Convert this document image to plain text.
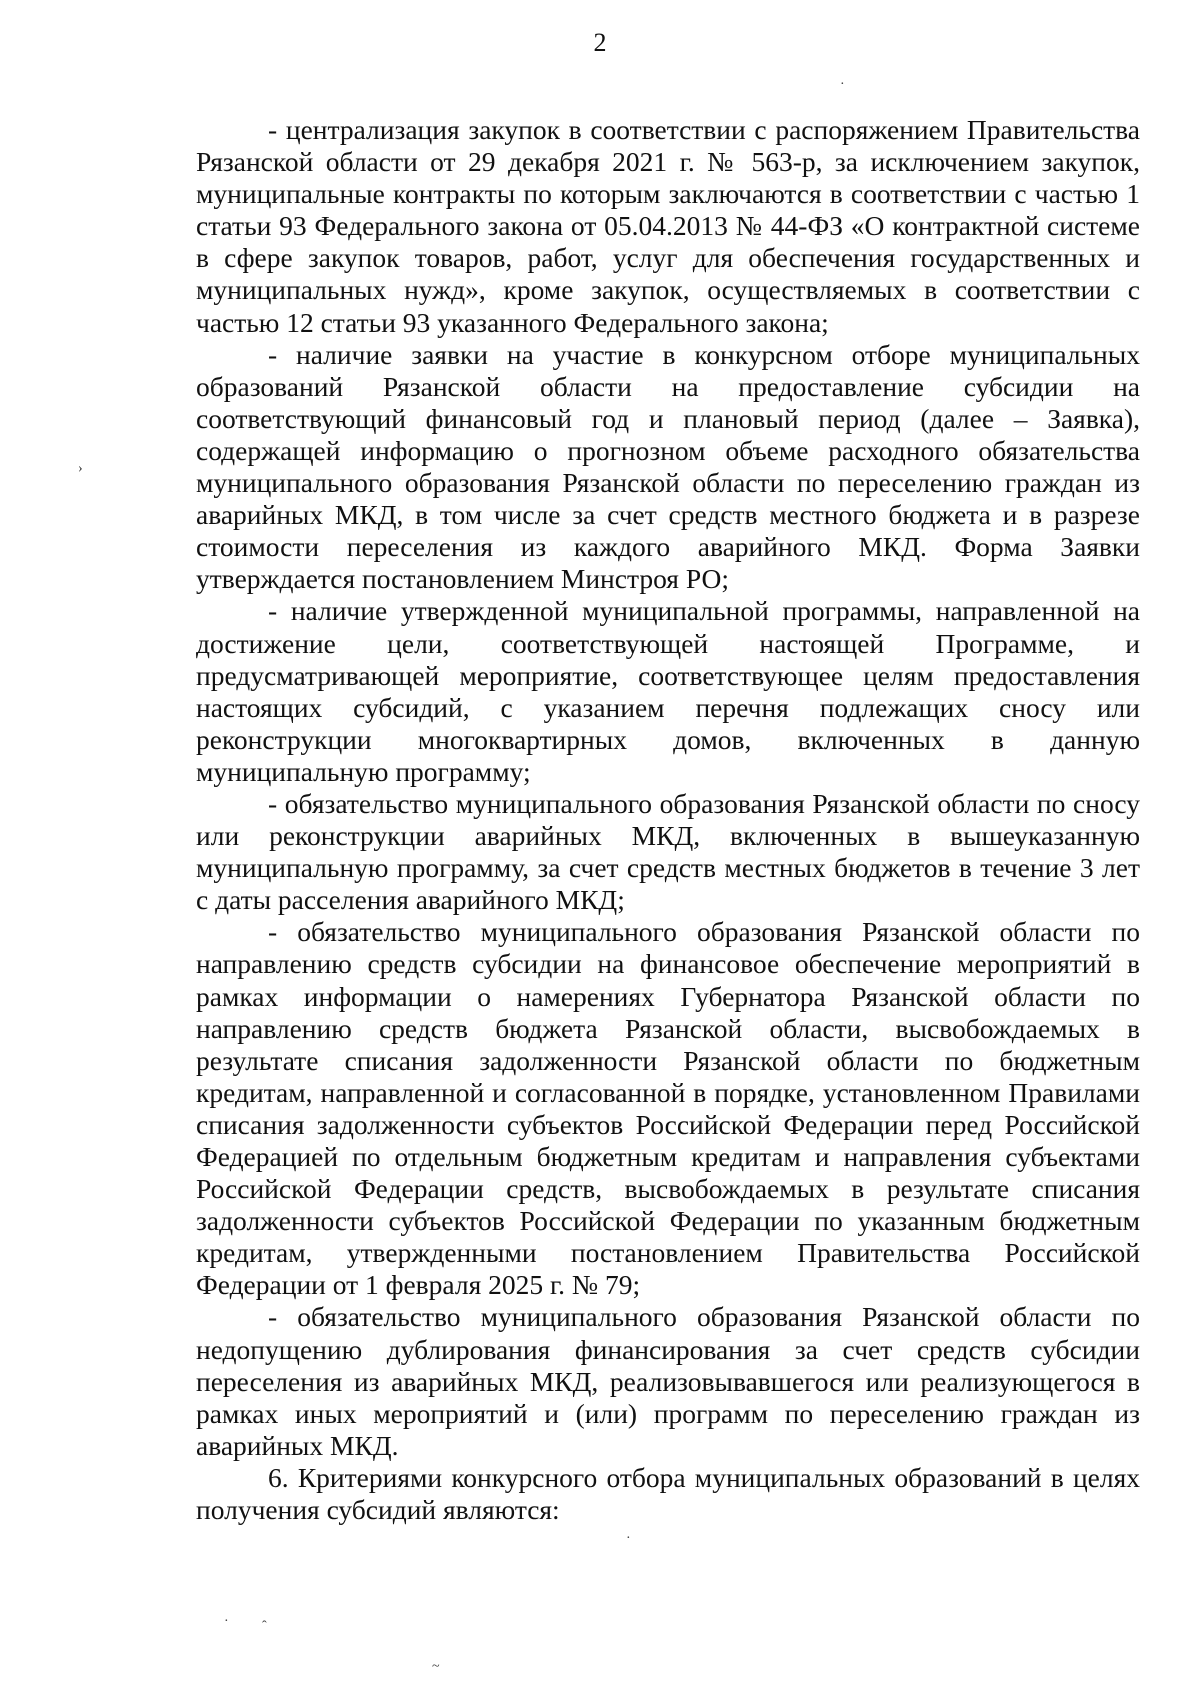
2

- централизация закупок в соответствии с распоряжением Правительства Рязанской области от 29 декабря 2021 г. № 563-р, за исключением закупок, муниципальные контракты по которым заключаются в соответствии с частью 1 статьи 93 Федерального закона от 05.04.2013 № 44-ФЗ «О контрактной системе в сфере закупок товаров, работ, услуг для обеспечения государственных и муниципальных нужд», кроме закупок, осуществляемых в соответствии с частью 12 статьи 93 указанного Федерального закона;

- наличие заявки на участие в конкурсном отборе муниципальных образований Рязанской области на предоставление субсидии на соответствующий финансовый год и плановый период (далее – Заявка), содержащей информацию о прогнозном объеме расходного обязательства муниципального образования Рязанской области по переселению граждан из аварийных МКД, в том числе за счет средств местного бюджета и в разрезе стоимости переселения из каждого аварийного МКД. Форма Заявки утверждается постановлением Минстроя РО;

- наличие утвержденной муниципальной программы, направленной на достижение цели, соответствующей настоящей Программе, и предусматривающей мероприятие, соответствующее целям предоставления настоящих субсидий, с указанием перечня подлежащих сносу или реконструкции многоквартирных домов, включенных в данную муниципальную программу;

- обязательство муниципального образования Рязанской области по сносу или реконструкции аварийных МКД, включенных в вышеуказанную муниципальную программу, за счет средств местных бюджетов в течение 3 лет с даты расселения аварийного МКД;

- обязательство муниципального образования Рязанской области по направлению средств субсидии на финансовое обеспечение мероприятий в рамках информации о намерениях Губернатора Рязанской области по направлению средств бюджета Рязанской области, высвобождаемых в результате списания задолженности Рязанской области по бюджетным кредитам, направленной и согласованной в порядке, установленном Правилами списания задолженности субъектов Российской Федерации перед Российской Федерацией по отдельным бюджетным кредитам и направления субъектами Российской Федерации средств, высвобождаемых в результате списания задолженности субъектов Российской Федерации по указанным бюджетным кредитам, утвержденными постановлением Правительства Российской Федерации от 1 февраля 2025 г. № 79;

- обязательство муниципального образования Рязанской области по недопущению дублирования финансирования за счет средств субсидии переселения из аварийных МКД, реализовывавшегося или реализующегося в рамках иных мероприятий и (или) программ по переселению граждан из аварийных МКД.

6. Критериями конкурсного отбора муниципальных образований в целях получения субсидий являются:

·
›
·
· ˆ
~
